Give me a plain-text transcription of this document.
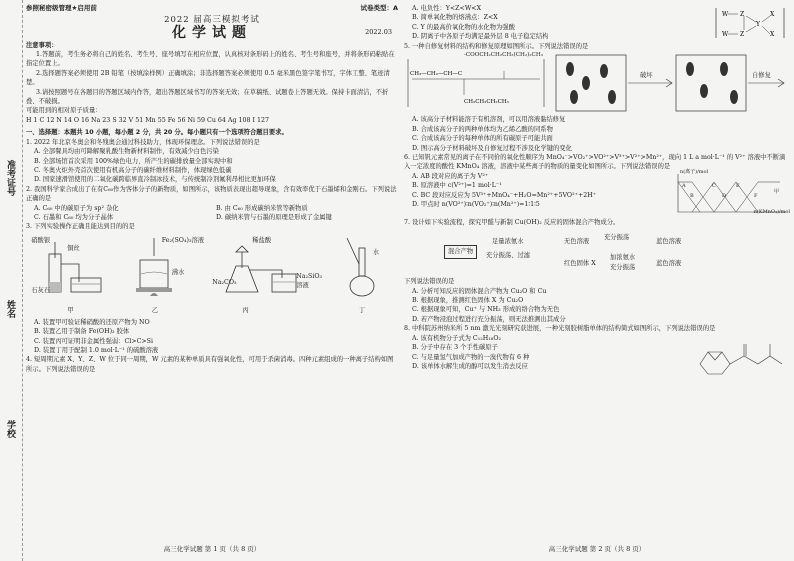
准考证号
姓名
学校
参照秘密级管理★启用前	试卷类型：A
2022 届高三模拟考试
化学试题	2022.03
注意事项：
1.答题前，考生务必将自己的姓名、考生号、座号填写在相应位置，认真核对条形码上的姓名、考生号和座号，并将条形码粘贴在指定位置上。
2.选择题答案必须使用 2B 铅笔（按填涂样例）正确填涂；非选择题答案必须使用 0.5 毫米黑色签字笔书写，字体工整、笔迹清楚。
3.请按照题号在各题目的答题区域内作答，超出答题区域书写的答案无效；在草稿纸、试题卷上答题无效。保持卡面清洁，不折叠、不破损。
可能用到的相对原子质量：
H 1 C 12 N 14 O 16 Na 23 S 32 V 51 Mn 55 Fe 56 Ni 59 Cu 64 Ag 108 I 127
一、选择题：本题共 10 小题，每小题 2 分，共 20 分。每小题只有一个选项符合题目要求。
1. 2022 年北京冬奥会和冬残奥会通过科技助力，体现环保理念。下列说法错误的是
A. 全部餐具均由可降解聚乳酸生物新材料制作，有效减少白色污染
B. 全部场馆首次采用 100%绿色电力，所产生的碳排放量全部实现中和
C. 冬奥火炬外壳首次使用有机高分子的碳纤维材料制作，体现绿色低碳
D. 国家速滑馆使用的二氧化碳跨临界直冷制冰技术，与传统制冷剂氟利昂相比更加环保
2. 我国科学家合成出了在有C₆₀作为客体分子的新物质，如图所示，该物质表现出超导现象，含有效率优于石墨烯和金刚石。下列说法正确的是
A. C₆₀ 中的碳原子为 sp² 杂化	B. 由 C₆₀ 形成碳纳米管等新物质
C. 石墨和 C₆₀ 均为分子晶体	D. 碳纳米管与石墨的原理是形成了金属键
3. 下列实验操作正确且能达到目的的是
硝酸银
铜丝
石灰石
甲
Fe₂(SO₄)₃溶液
沸水
乙
稀盐酸
Na₂CO₃
Na₂SiO₃溶液
丙
水
丁
A. 装置甲可验证稀硝酸的还原产物为 NO
B. 装置乙用于制备 Fe(OH)₃ 胶体
C. 装置丙可证明非金属性强弱：Cl>C>Si
D. 装置丁用于配制 1.0 mol·L⁻¹ 的硫酸溶液
4. 短周期元素 X、Y、Z、W 位于同一周期，W 元素的某种单质具有强氧化性，可用于杀菌消毒。四种元素组成的一种离子结构如图所示。下列说法错误的是
高三化学试题 第 1 页（共 8 页）
A. 电负性：Y<Z<W<X
B. 简单氧化物的熔沸点：Z<X
C. Y 的最高价氧化物的水化物为强酸
D. 阴离子中各原子均满足最外层 8 电子稳定结构
W
W
Z
Z
Y
X
X
5. 一种自修复材料的结构和修复原理如图所示。下列说法错误的是
CH₃—CH₂—CH—C
CH₂CH₂CH₂CH₃
-COOCH₂CH₂CH₃(CH₂)₂CH₃
破坏	自修复
A. 该高分子材料能溶于有机溶剂，可以用溶液黏结修复
B. 合成该高分子的两种单体均为乙烯乙酸的同系物
C. 合成该高分子的每种单体的所有碳原子可能共面
D. 图示高分子材料破坏及自修复过程不涉及化学键的变化
6. 已知钒元素常见的离子在不同价的氧化性顺序为 MnO₄⁻>VO₂⁺>VO²⁺>V³⁺>V²⁺>Mn²⁺，现向 1 L a mol·L⁻¹ 的 V²⁺ 溶液中不断滴入一定浓度的酸性 KMnO₄ 溶液，溶液中某些离子的物质的量变化如图所示。下列说法错误的是
A. AB 段对应的离子为 V²⁺
B. 原溶液中 c(V²⁺)=1 mol·L⁻¹
C. BC 段对应反应为 5V³⁺+MnO₄⁻+H₂O=Mn²⁺+5VO²⁺+2H⁺
D. 甲点时 n(VO²⁺)∶n(VO₂⁺)∶n(Mn²⁺)=1∶1∶5
n(离子)/mol
n(KMnO₄)/mol
A
B
C
D
E
F
甲
7. 设计如下实验流程，探究甲醛与新制 Cu(OH)₂ 反应的固体混合产物成分。
混合产物
足量浓氨水
充分振荡、过滤
无色溶液
充分振荡
蓝色溶液
红色固体 X
加浓氨水
充分振荡
蓝色溶液
下列说法错误的是
A. 分析可知反应的固体混合产物为 Cu₂O 和 Cu
B. 根据现象，推测红色固体 X 为 Cu₂O
C. 根据现象可知，Cu⁺ 与 NH₃ 形成的络合物为无色
D. 若产物浸泡过程进行充分振荡，则无法推测出其成分
8. 中科院苏州纳米所 5 nm 激光光刻研究获进展，一种光刻胶树脂单体的结构简式如图所示，下列说法错误的是
A. 该有机物分子式为 C₁₂H₁₈O₂
B. 分子中存在 3 个手性碳原子
C. 与足量氢气加成产物的一溴代物有 6 种
D. 该单体水解生成的醇可以发生消去反应
高三化学试题 第 2 页（共 8 页）
